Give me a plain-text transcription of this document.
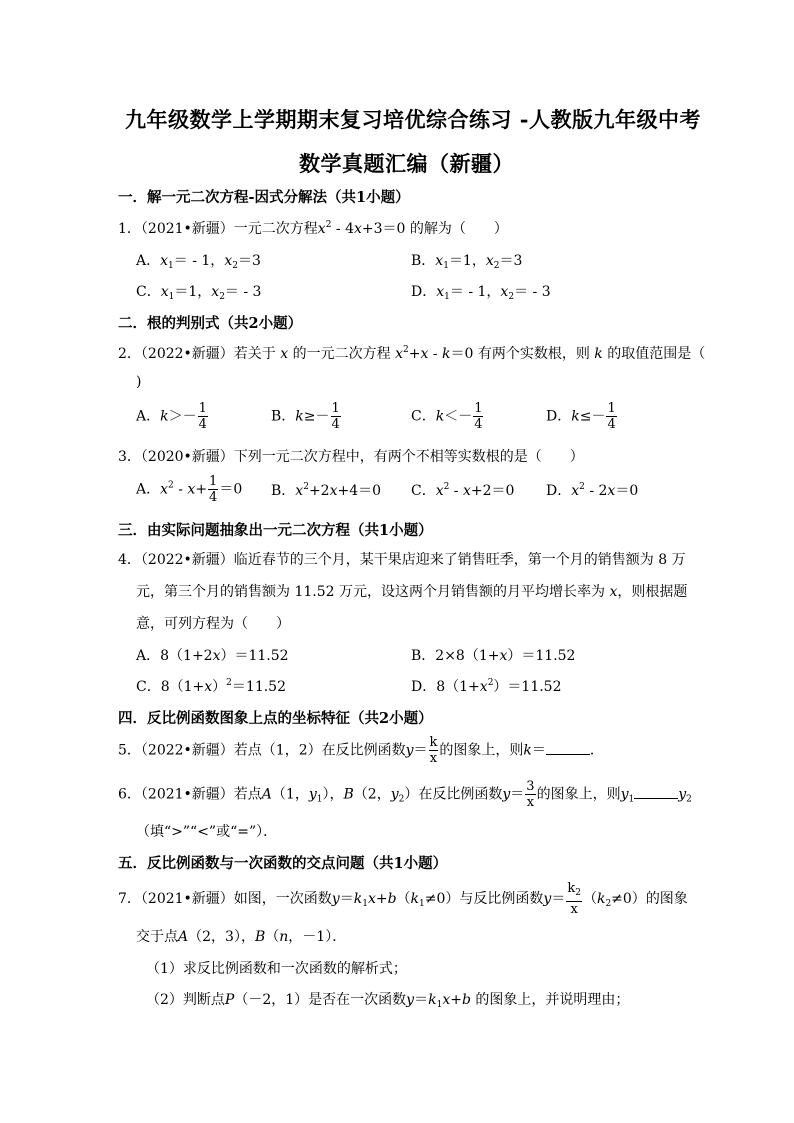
九年级数学上学期期末复习培优综合练习 -人教版九年级中考
数学真题汇编（新疆）
一．解一元二次方程-因式分解法（共1小题）
1．（2021•新疆）一元二次方程$x^2 - 4x+3=0$ 的解为（　　）
A．$x_1= - 1$，$x_2=3$	B．$x_1=1$，$x_2=3$
C．$x_1=1$，$x_2= - 3$	D．$x_1= - 1$，$x_2= - 3$
二．根的判别式（共2小题）
2．（2022•新疆）若关于 x 的一元二次方程 $x^2+x - k=0$ 有两个实数根，则 k 的取值范围是（
)
A．$k>- \frac{1}{4}$	B．$k\ge- \frac{1}{4}$	C．$k<- \frac{1}{4}$	D．$k\le- \frac{1}{4}$
3．（2020•新疆）下列一元二次方程中，有两个不相等实数根的是（　　）
A．$x^2 - x+ \frac{1}{4} =0$ B．$x^2+2x+4=0$ C．$x^2 - x+2=0$ D．$x^2 - 2x=0$
三．由实际问题抽象出一元二次方程（共1小题）
4．（2022•新疆）临近春节的三个月，某干果店迎来了销售旺季，第一个月的销售额为 8 万
元，第三个月的销售额为 11.52 万元，设这两个月销售额的月平均增长率为 x，则根据题
意，可列方程为（　　）
A．8（1+2x）＝11.52	B．2×8（1+x）＝11.52
C．$8(1+x)^2=11.52$	D．$8(1+x^2)=11.52$
四．反比例函数图象上点的坐标特征（共2小题）
5．（2022•新疆）若点（1，2）在反比例函数$y= \frac{k}{x}$ 的图象上，则k＝	．
6．（2021•新疆）若点A（1，$y_1$），B（2，$y_2$）在反比例函数$y= \frac{3}{x}$ 的图象上，则$y_1$	$y_2$
（填“>”“<”或“=”）．
五．反比例函数与一次函数的交点问题（共1小题）
7．（2021•新疆）如图，一次函数$y=k_1x+b(k_1\ne 0)$与反比例函数$y= \frac{k_2}{x} (k_2\ne 0)$的图象
交于点A（2，3），B（n，－1）．
（1）求反比例函数和一次函数的解析式；
（2）判断点P（－2，1）是否在一次函数$y=k_1x+b$ 的图象上，并说明理由；
